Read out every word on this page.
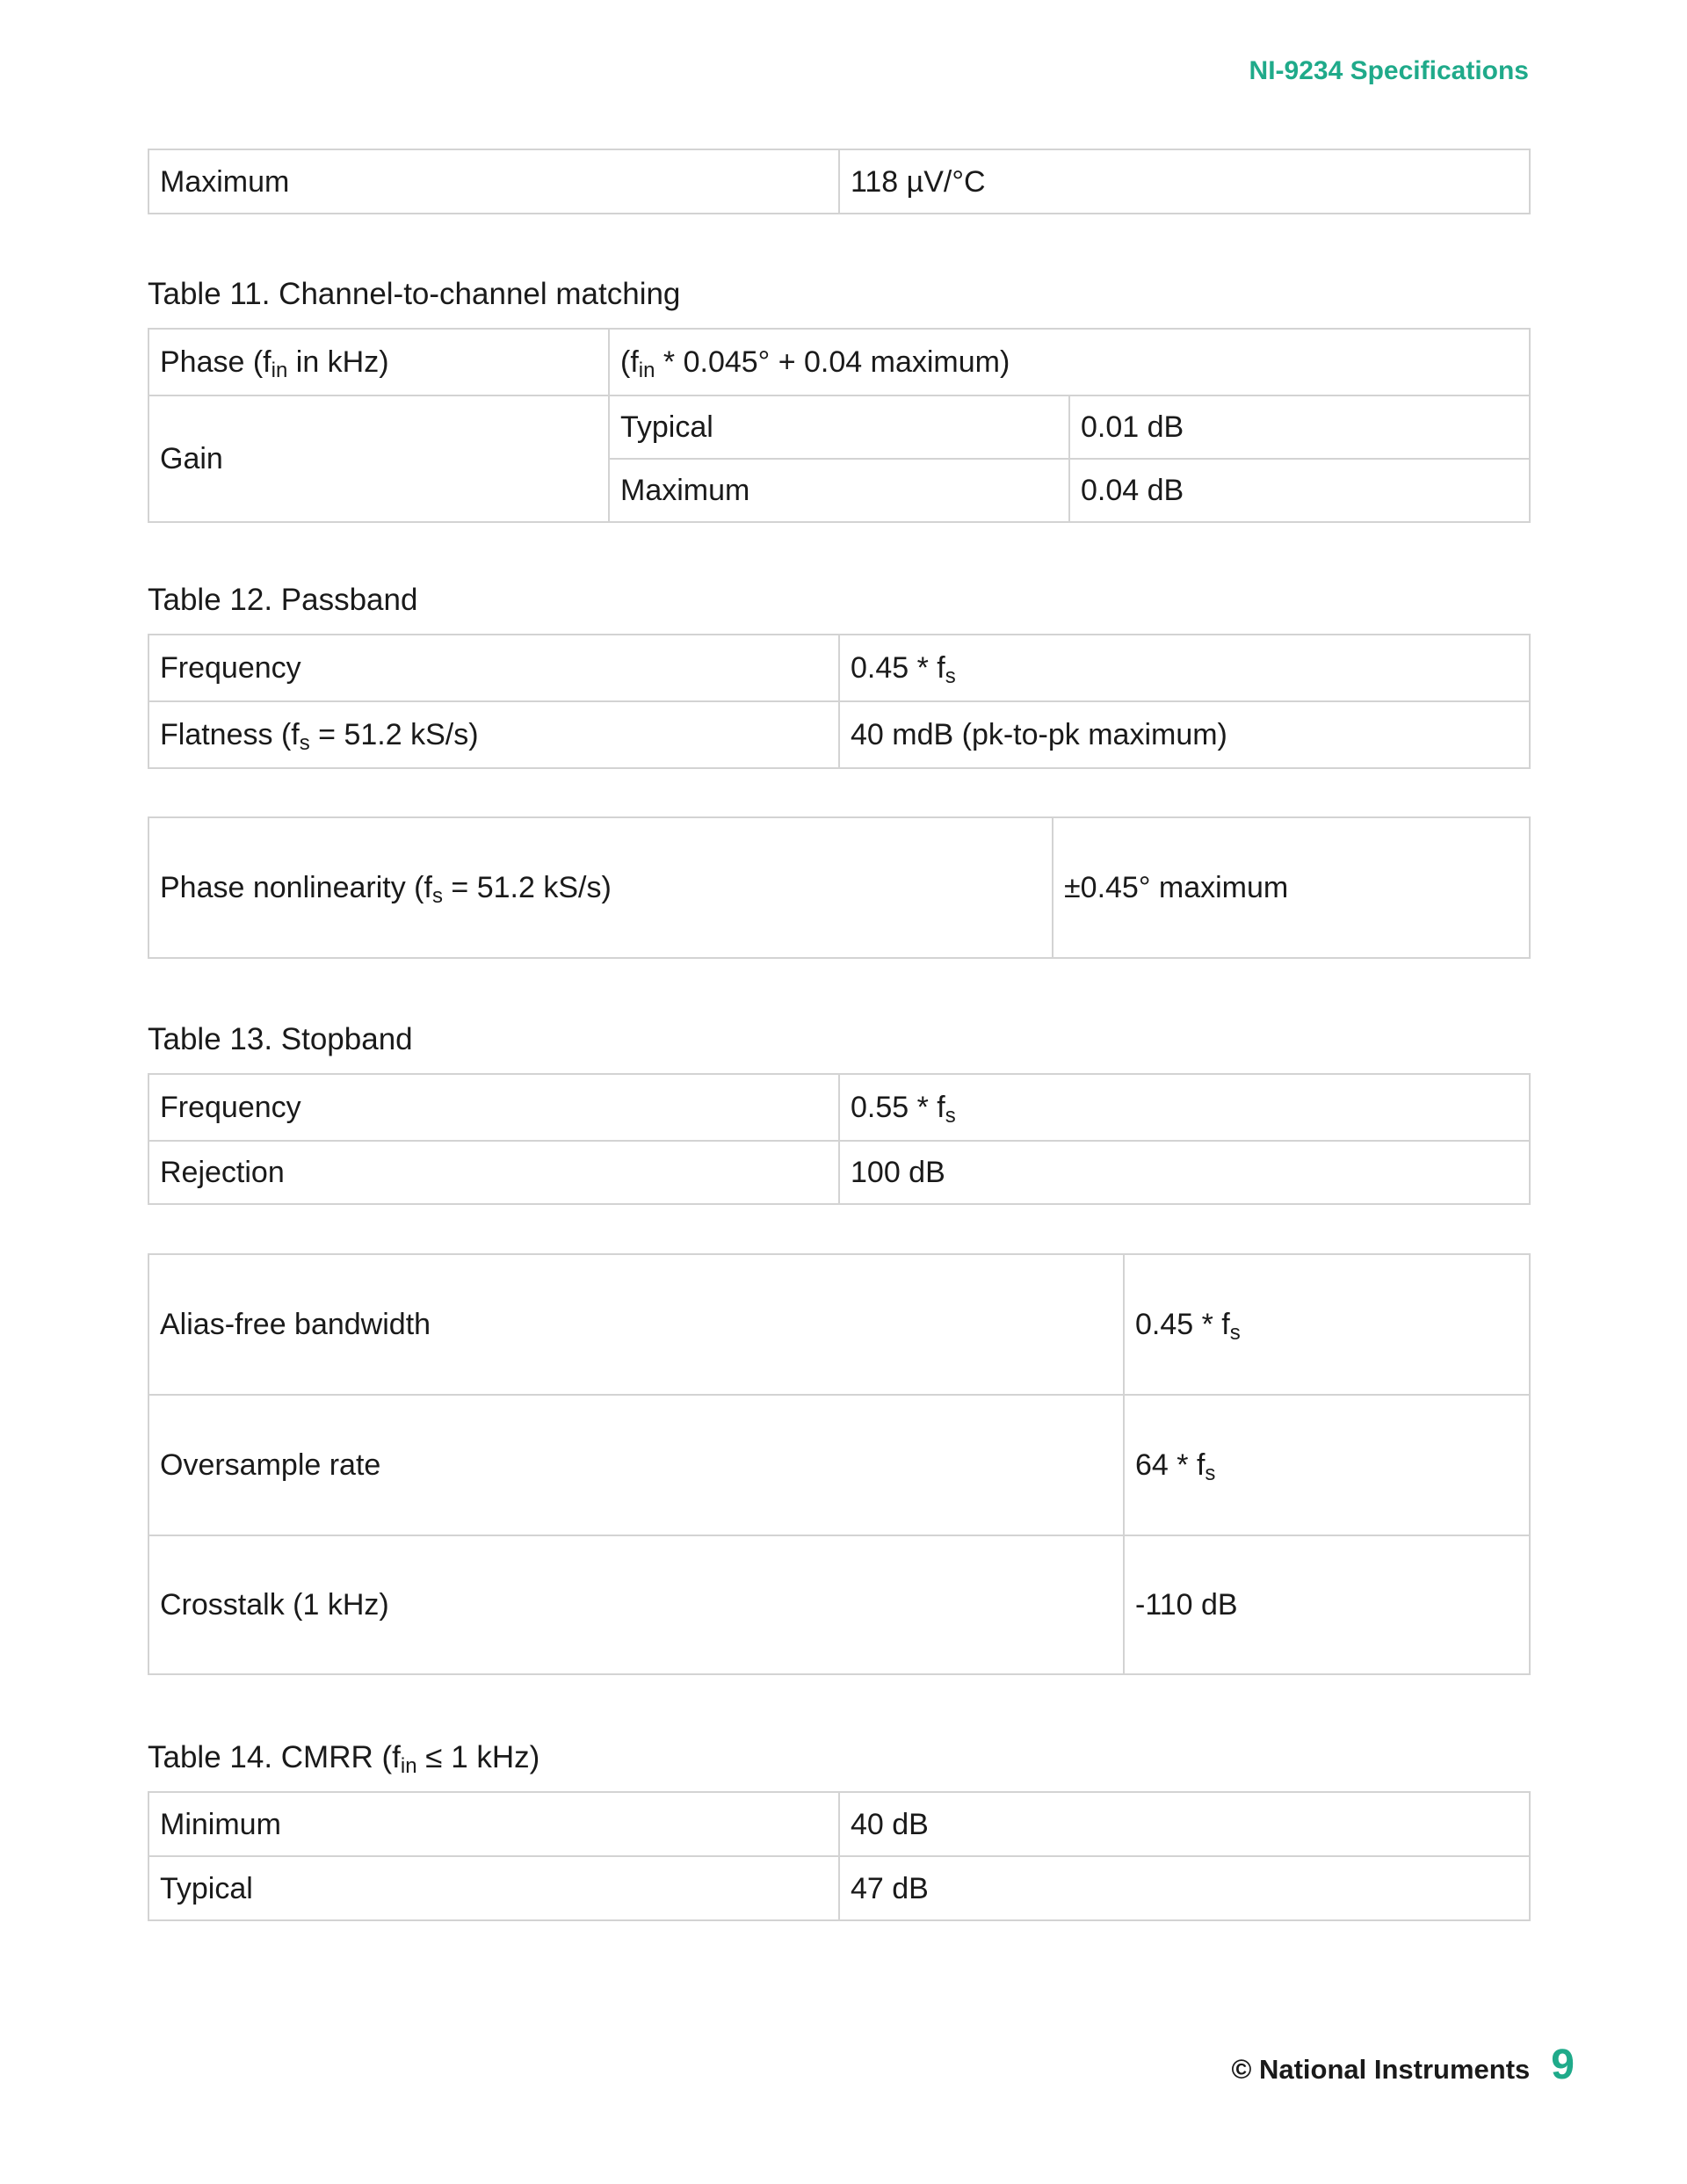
NI-9234 Specifications
Maximum	118 µV/°C
Table 11. Channel-to-channel matching
Phase ($f_{in}$ in kHz)	($f_{in} * 0.045^\circ + 0.04$ maximum)	
Gain	Typical	0.01 dB
	Maximum	0.04 dB
Table 12. Passband
Frequency	$0.45 * f_s$
Flatness ($f_s = 51.2$ kS/s)	40 mdB (pk-to-pk maximum)
Phase nonlinearity ($f_s = 51.2$ kS/s)	±0.45° maximum
Table 13. Stopband
Frequency	$0.55 * f_s$
Rejection	100 dB
Alias-free bandwidth	$0.45 * f_s$
Oversample rate	$64 * f_s$
Crosstalk (1 kHz)	-110 dB
Table 14. CMRR ($f_{in} \le 1$ kHz)
Minimum	40 dB
Typical	47 dB
© National Instruments 9
